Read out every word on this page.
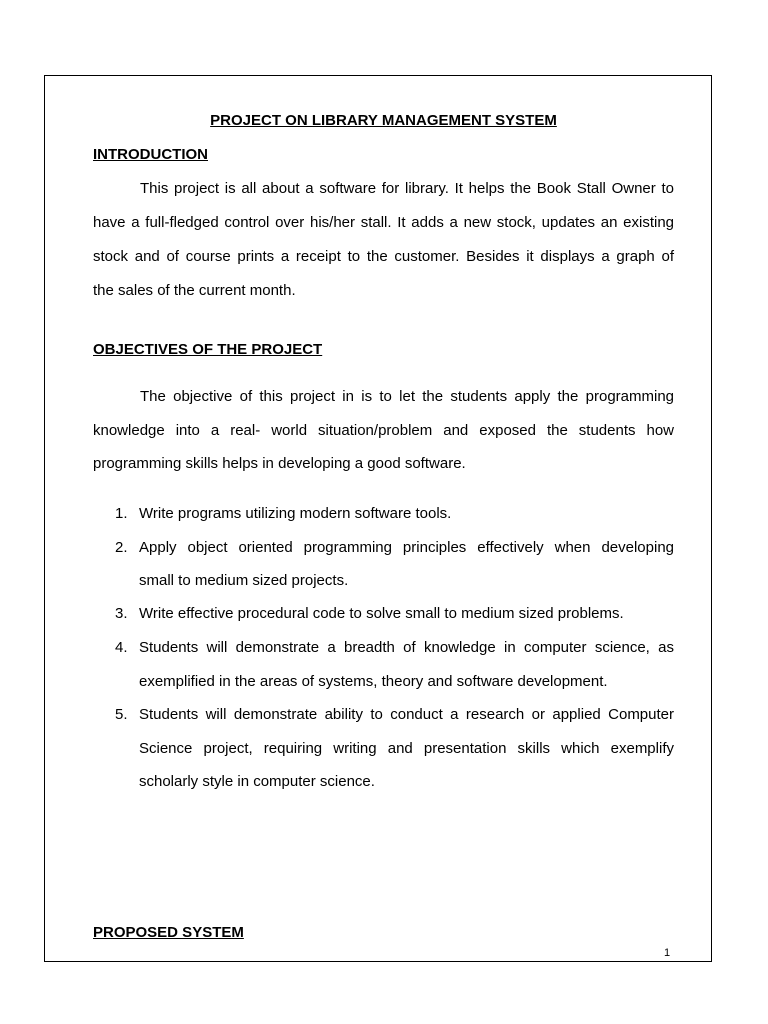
PROJECT ON LIBRARY MANAGEMENT SYSTEM
INTRODUCTION
This project is all about a software for library. It helps the Book Stall Owner to
have a full-fledged control over his/her stall. It adds a new stock, updates an existing
stock and of course prints a receipt to the customer. Besides it displays a graph of
the sales of the current month.
OBJECTIVES OF THE PROJECT
The objective of this project in is to let the students apply the programming
knowledge into a real- world situation/problem and exposed the students how
programming skills helps in developing a good software.
1. Write programs utilizing modern software tools.
2. Apply object oriented programming principles effectively when developing
small to medium sized projects.
3. Write effective procedural code to solve small to medium sized problems.
4. Students will demonstrate a breadth of knowledge in computer science, as
exemplified in the areas of systems, theory and software development.
5. Students will demonstrate ability to conduct a research or applied Computer
Science project, requiring writing and presentation skills which exemplify
scholarly style in computer science.
PROPOSED SYSTEM
1
